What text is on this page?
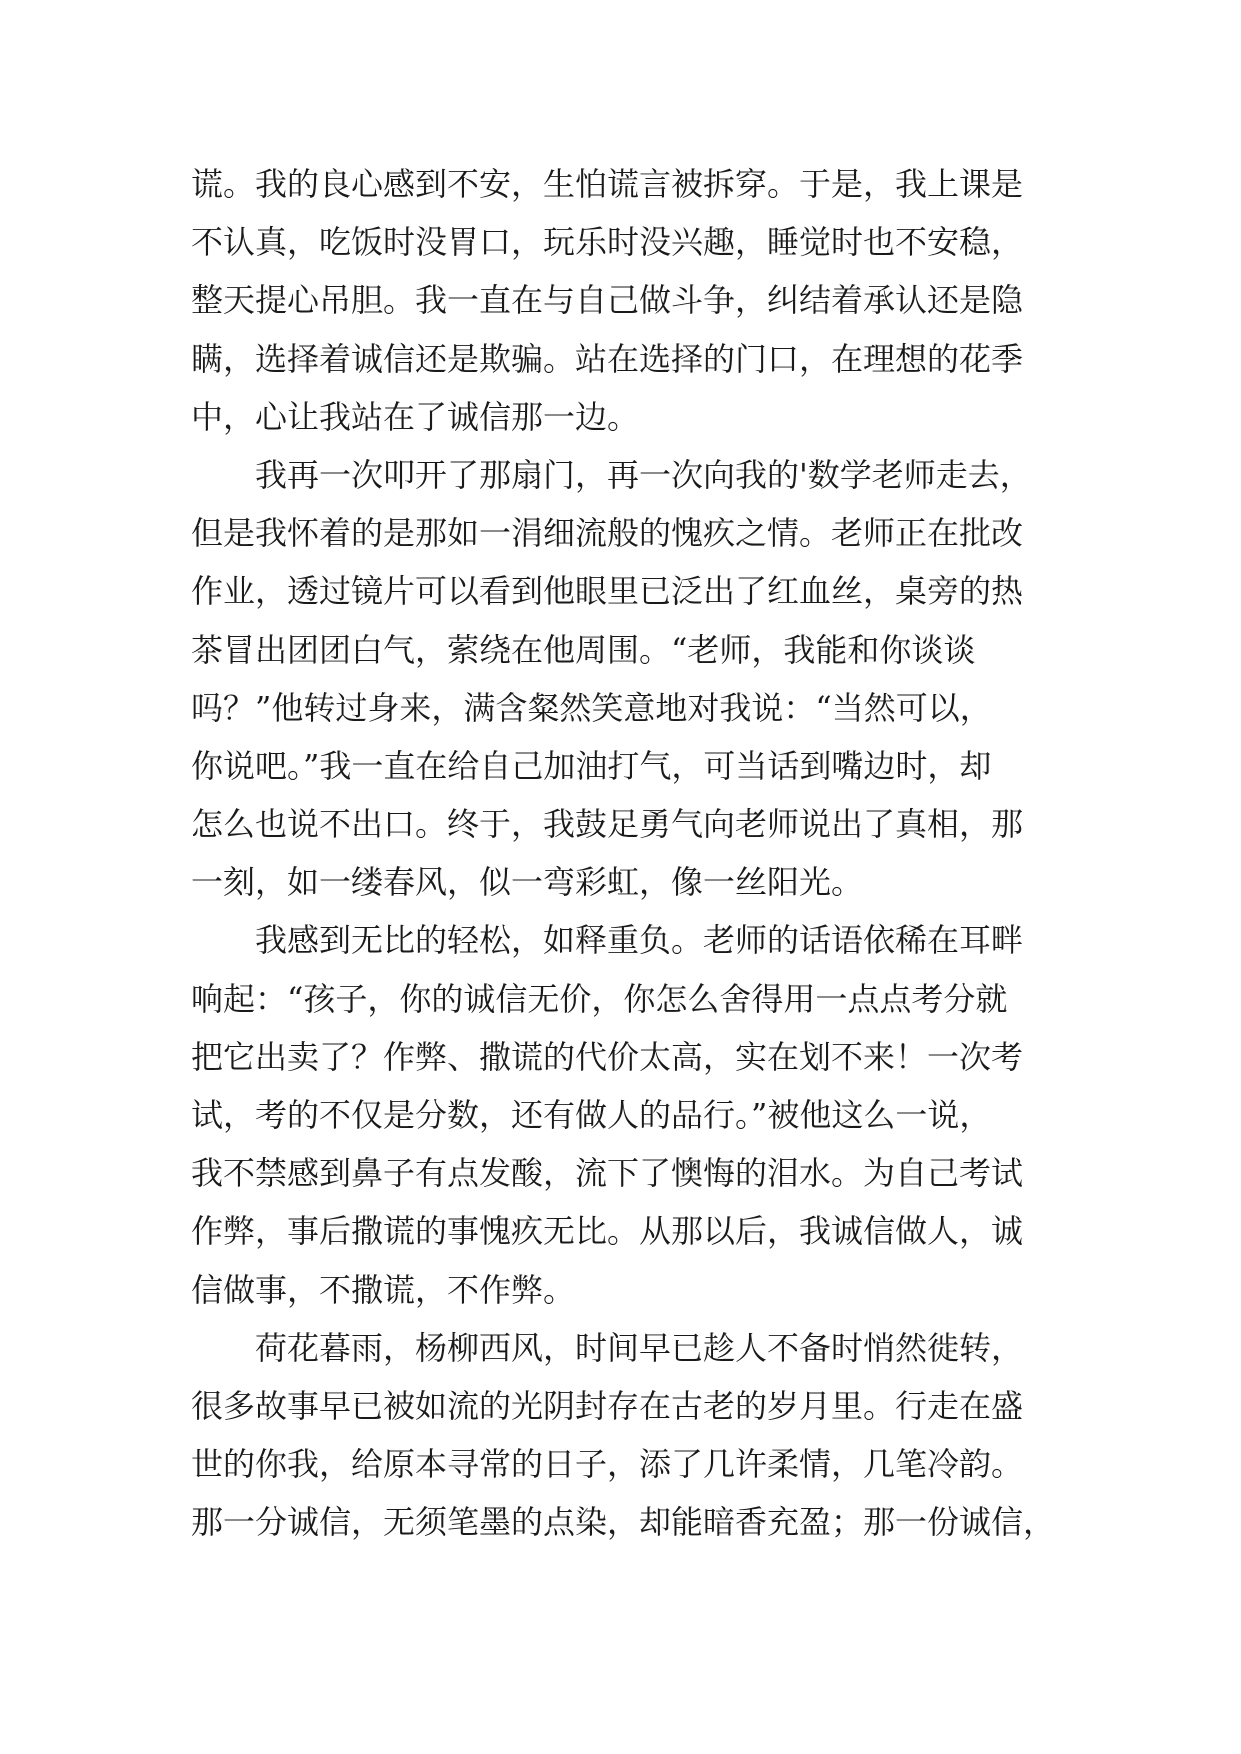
谎。我的良心感到不安，生怕谎言被拆穿。于是，我上课是
不认真，吃饭时没胃口，玩乐时没兴趣，睡觉时也不安稳，
整天提心吊胆。我一直在与自己做斗争，纠结着承认还是隐
瞒，选择着诚信还是欺骗。站在选择的门口，在理想的花季
中，心让我站在了诚信那一边。
我再一次叩开了那扇门，再一次向我的'数学老师走去，
但是我怀着的是那如一涓细流般的愧疚之情。老师正在批改
作业，透过镜片可以看到他眼里已泛出了红血丝，桌旁的热
茶冒出团团白气，萦绕在他周围。“老师，我能和你谈谈
吗？”他转过身来，满含粲然笑意地对我说：“当然可以，
你说吧。”我一直在给自己加油打气，可当话到嘴边时，却
怎么也说不出口。终于，我鼓足勇气向老师说出了真相，那
一刻，如一缕春风，似一弯彩虹，像一丝阳光。
我感到无比的轻松，如释重负。老师的话语依稀在耳畔
响起：“孩子，你的诚信无价，你怎么舍得用一点点考分就
把它出卖了？作弊、撒谎的代价太高，实在划不来！一次考
试，考的不仅是分数，还有做人的品行。”被他这么一说，
我不禁感到鼻子有点发酸，流下了懊悔的泪水。为自己考试
作弊，事后撒谎的事愧疚无比。从那以后，我诚信做人，诚
信做事，不撒谎，不作弊。
荷花暮雨，杨柳西风，时间早已趁人不备时悄然徙转，
很多故事早已被如流的光阴封存在古老的岁月里。行走在盛
世的你我，给原本寻常的日子，添了几许柔情，几笔冷韵。
那一分诚信，无须笔墨的点染，却能暗香充盈；那一份诚信，
